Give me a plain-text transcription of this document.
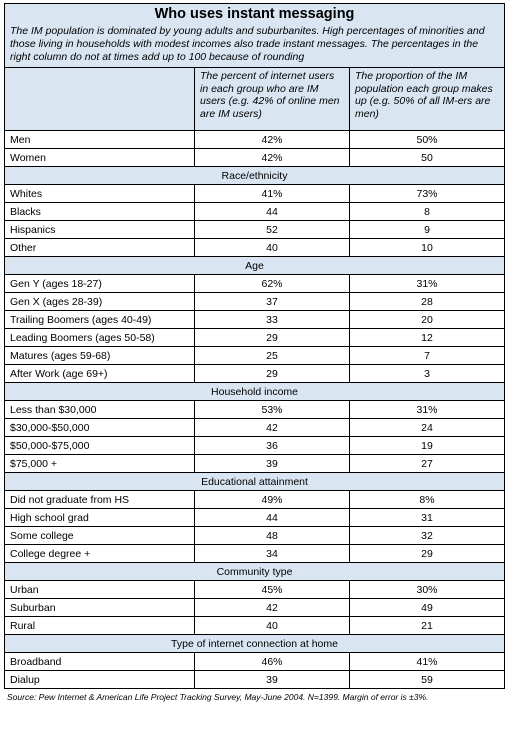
Who uses instant messaging		
The IM population is dominated by young adults and suburbanites. High percentages of minorities and those living in households with modest incomes also trade instant messages. The percentages in the right column do not at times add up to 100 because of rounding		
	The percent of internet users in each group who are IM users (e.g. 42% of online men are IM users)	The proportion of the IM population each group makes up (e.g. 50% of all IM-ers are men)
Men	42%	50%
Women	42%	50
Race/ethnicity		
Whites	41%	73%
Blacks	44	8
Hispanics	52	9
Other	40	10
Age		
Gen Y (ages 18-27)	62%	31%
Gen X (ages 28-39)	37	28
Trailing Boomers (ages 40-49)	33	20
Leading Boomers (ages 50-58)	29	12
Matures (ages 59-68)	25	7
After Work (age 69+)	29	3
Household income		
Less than $30,000	53%	31%
$30,000-$50,000	42	24
$50,000-$75,000	36	19
$75,000 +	39	27
Educational attainment		
Did not graduate from HS	49%	8%
High school grad	44	31
Some college	48	32
College degree +	34	29
Community type		
Urban	45%	30%
Suburban	42	49
Rural	40	21
Type of internet connection at home		
Broadband	46%	41%
Dialup	39	59
Source: Pew Internet & American Life Project Tracking Survey, May-June 2004. N=1399. Margin of error is ±3%.
